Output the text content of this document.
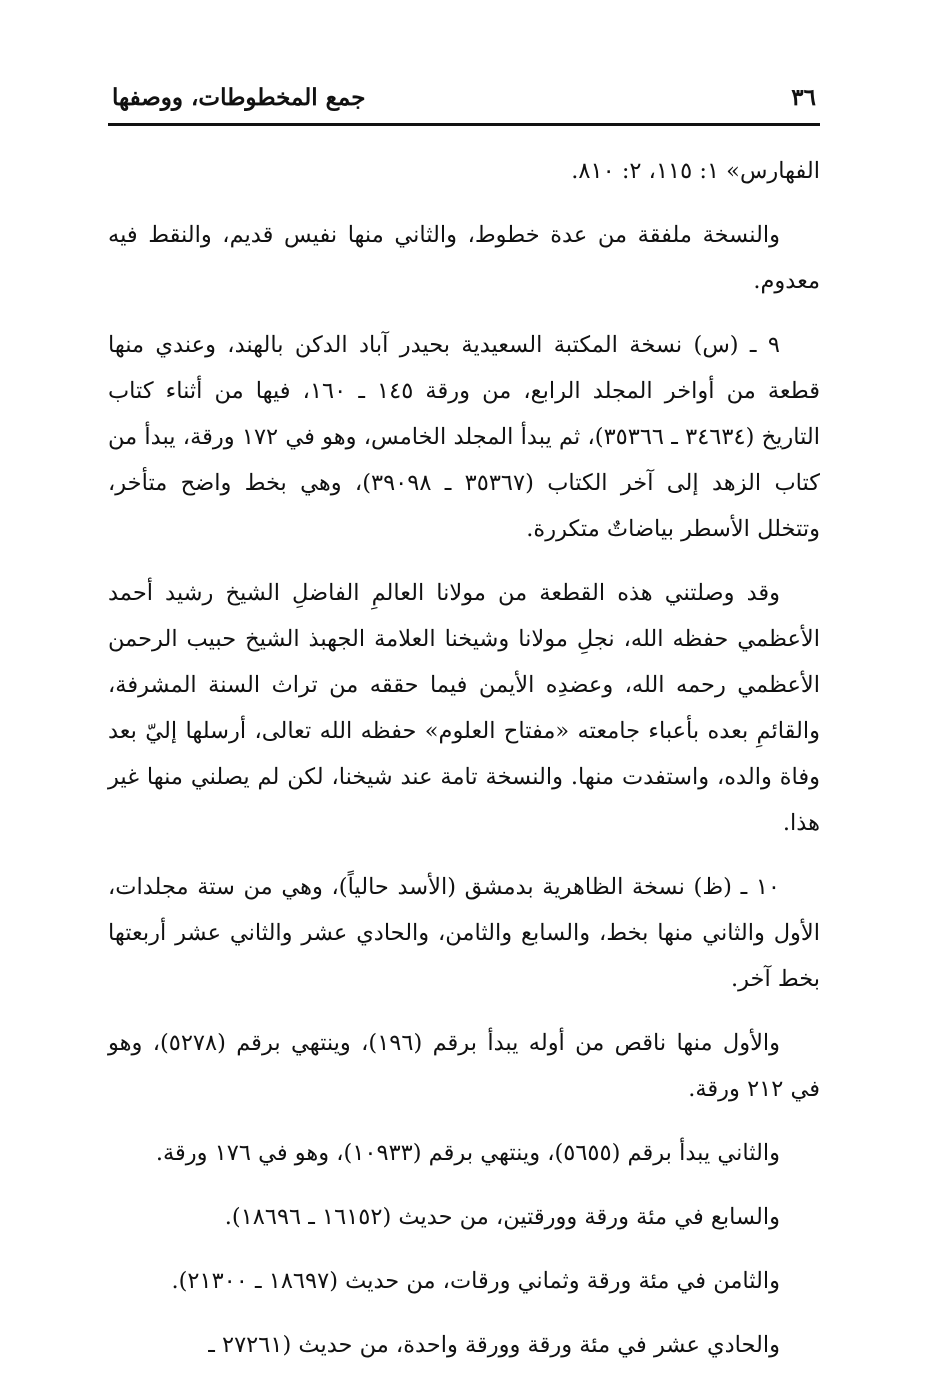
٣٦
جمع المخطوطات، ووصفها

الفهارس» ١: ١١٥، ٢: ٨١٠.

والنسخة ملفقة من عدة خطوط، والثاني منها نفيس قديم، والنقط فيه معدوم.

٩ ـ (س) نسخة المكتبة السعيدية بحيدر آباد الدكن بالهند، وعندي منها قطعة من أواخر المجلد الرابع، من ورقة ١٤٥ ـ ١٦٠، فيها من أثناء كتاب التاريخ (٣٤٦٣٤ ـ ٣٥٣٦٦)، ثم يبدأ المجلد الخامس، وهو في ١٧٢ ورقة، يبدأ من كتاب الزهد إلى آخر الكتاب (٣٥٣٦٧ ـ ٣٩٠٩٨)، وهي بخط واضح متأخر، وتتخلل الأسطر بياضاتٌ متكررة.

وقد وصلتني هذه القطعة من مولانا العالمِ الفاضلِ الشيخ رشيد أحمد الأعظمي حفظه الله، نجلِ مولانا وشيخنا العلامة الجهبذ الشيخ حبيب الرحمن الأعظمي رحمه الله، وعضدِه الأيمن فيما حققه من تراث السنة المشرفة، والقائمِ بعده بأعباء جامعته «مفتاح العلوم» حفظه الله تعالى، أرسلها إليّ بعد وفاة والده، واستفدت منها. والنسخة تامة عند شيخنا، لكن لم يصلني منها غير هذا.

١٠ ـ (ظ) نسخة الظاهرية بدمشق (الأسد حالياً)، وهي من ستة مجلدات، الأول والثاني منها بخط، والسابع والثامن، والحادي عشر والثاني عشر أربعتها بخط آخر.

والأول منها ناقص من أوله يبدأ برقم (١٩٦)، وينتهي برقم (٥٢٧٨)، وهو في ٢١٢ ورقة.

والثاني يبدأ برقم (٥٦٥٥)، وينتهي برقم (١٠٩٣٣)، وهو في ١٧٦ ورقة.

والسابع في مئة ورقة وورقتين، من حديث (١٦١٥٢ ـ ١٨٦٩٦).

والثامن في مئة ورقة وثماني ورقات، من حديث (١٨٦٩٧ ـ ٢١٣٠٠).

والحادي عشر في مئة ورقة وورقة واحدة، من حديث (٢٧٢٦١ ـ
